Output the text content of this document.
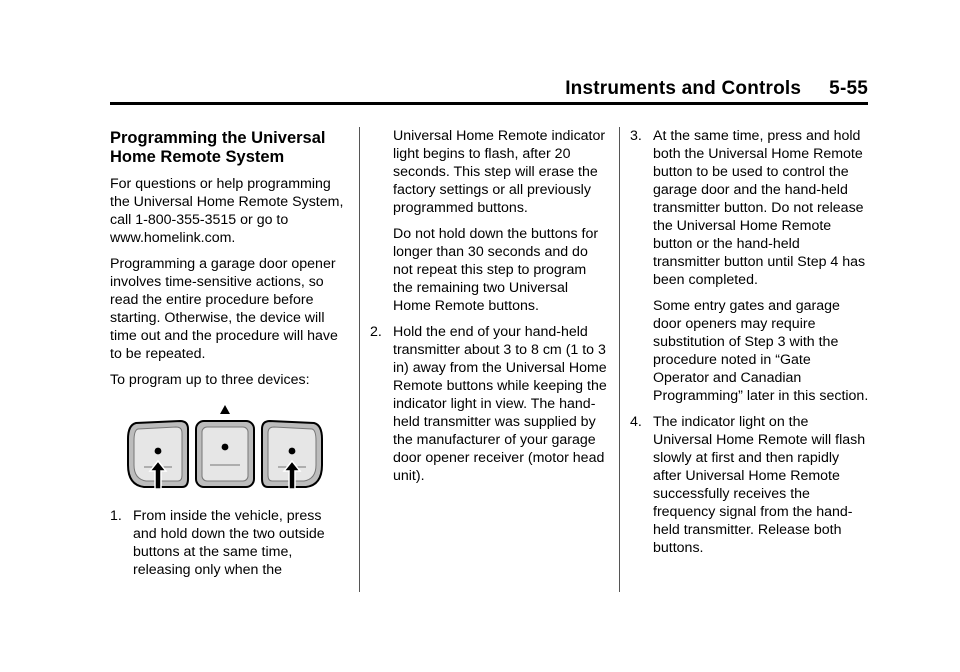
Instruments and Controls 5-55
Programming the Universal Home Remote System

For questions or help programming the Universal Home Remote System, call 1-800-355-3515 or go to www.homelink.com.

Programming a garage door opener involves time-sensitive actions, so read the entire procedure before starting. Otherwise, the device will time out and the procedure will have to be repeated.

To program up to three devices:

1. From inside the vehicle, press and hold down the two outside buttons at the same time, releasing only when the

Universal Home Remote indicator light begins to flash, after 20 seconds. This step will erase the factory settings or all previously programmed buttons.

Do not hold down the buttons for longer than 30 seconds and do not repeat this step to program the remaining two Universal Home Remote buttons.

2. Hold the end of your hand-held transmitter about 3 to 8 cm (1 to 3 in) away from the Universal Home Remote buttons while keeping the indicator light in view. The hand-held transmitter was supplied by the manufacturer of your garage door opener receiver (motor head unit).
3. At the same time, press and hold both the Universal Home Remote button to be used to control the garage door and the hand-held transmitter button. Do not release the Universal Home Remote button or the hand-held transmitter button until Step 4 has been completed.

Some entry gates and garage door openers may require substitution of Step 3 with the procedure noted in “Gate Operator and Canadian Programming” later in this section.

4. The indicator light on the Universal Home Remote will flash slowly at first and then rapidly after Universal Home Remote successfully receives the frequency signal from the hand-held transmitter. Release both buttons.
